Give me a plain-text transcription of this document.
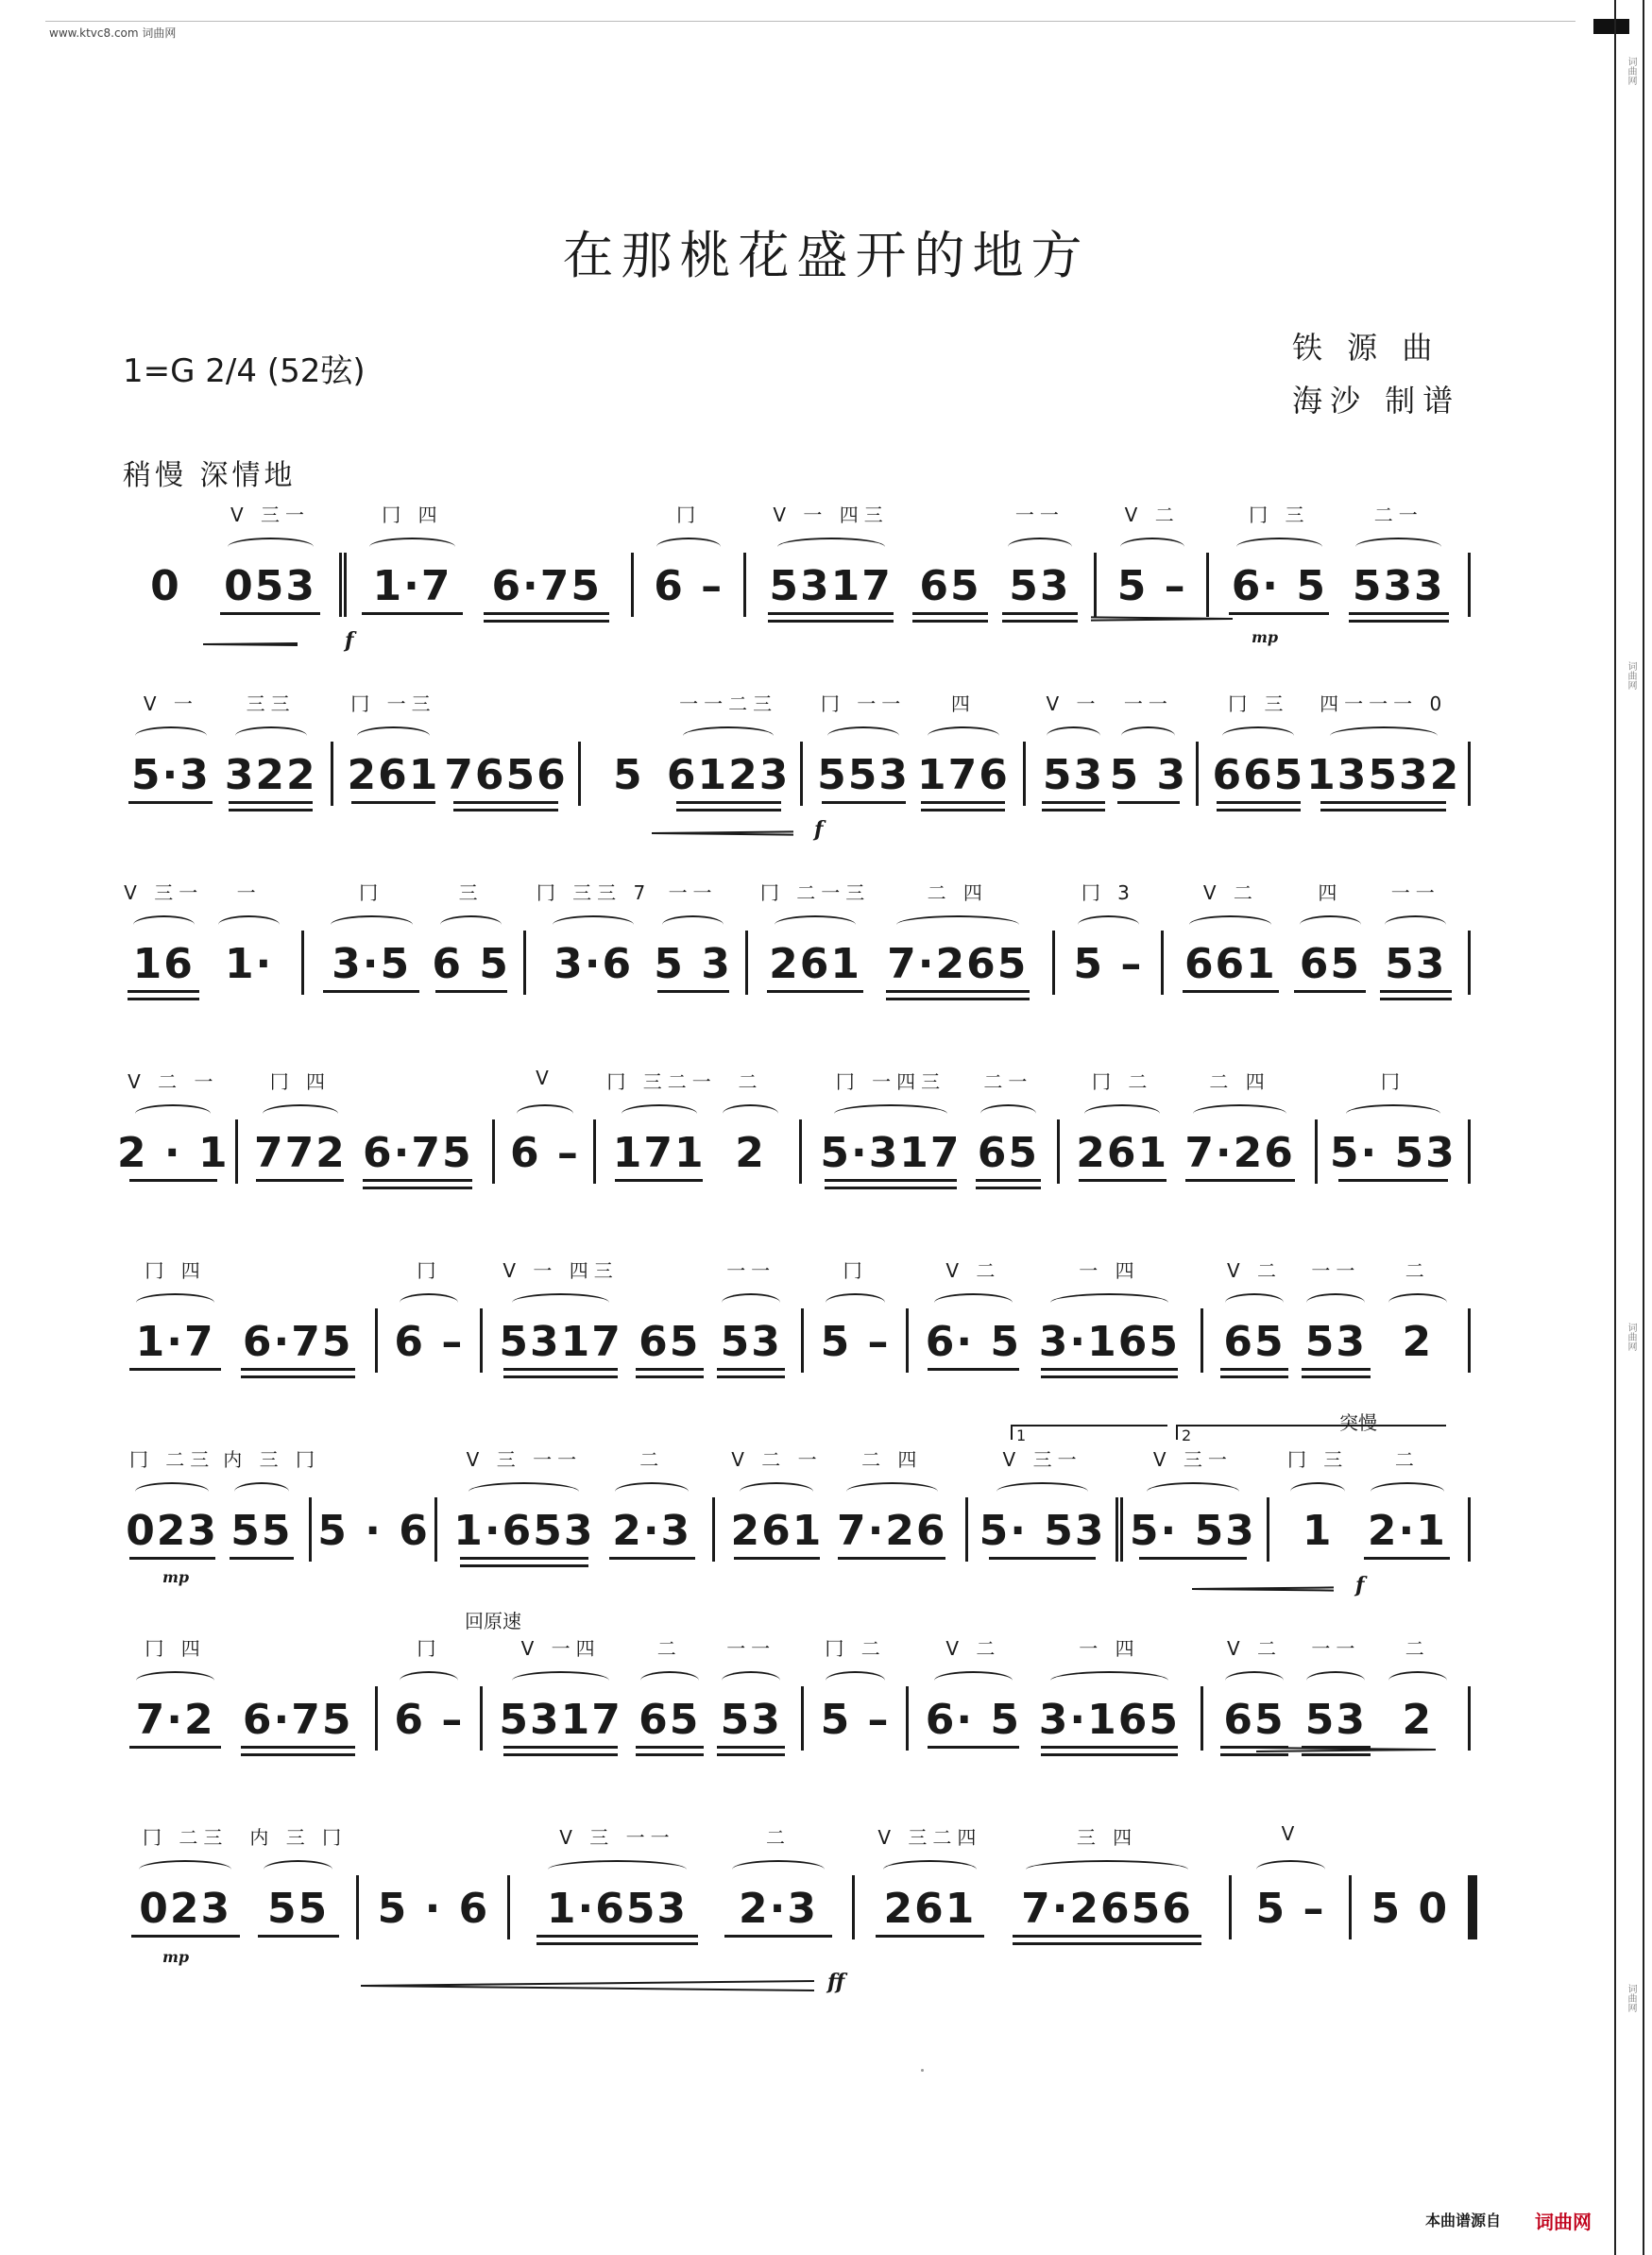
www.ktvc8.com 词曲网
词曲网
词曲网
词曲网
词曲网
在那桃花盛开的地方
1=G 2/4 (52弦)
铁 源 曲
海沙 制谱
稍慢 深情地
0 053
V 三一
1·7
冂 四
6·75 6 –
冂
5317
V 一 四三
65 53
一一
5 –
V 二
6· 5
冂 三
533
二一
5·3
V 一
322
三三
261
冂 一三
7656 5 6123
一一二三
553
冂 一一
176
四
53
V 一
5 3
一一
665
冂 三
13532
四一一一 0
16
V 三一
1·
一
3·5
冂
6 5
三
3·6
冂 三三 7
5 3
一一
261
冂 二一三
7·265
二 四
5 –
冂 3
661
V 二
65
四
53
一一
2 · 1
V 二 一
772
冂 四
6·75 6 –
V
171
冂 三二一
2
二
5·317
冂 一四三
65
二一
261
冂 二
7·26
二 四
5· 53
冂
1·7
冂 四
6·75 6 –
冂
5317
V 一 四三
65 53
一一
5 –
冂
6· 5
V 二
3·165
一 四
65
V 二
53
一一
2
二
023
冂 二三
55
内 三 冂
5 · 6 1·653
V 三 一一
2·3
二
261
V 二 一
7·26
二 四
5· 53
V 三一
5· 53
V 三一
1
冂 三
2·1
二
7·2
冂 四
6·75 6 –
冂
5317
V 一四
65
二
53
一一
5 –
冂 二
6· 5
V 二
3·165
一 四
65
V 二
53
一一
2
二
023
冂 二三
55
内 三 冂
5 · 6 1·653
V 三 一一
2·3
二
261
V 三二四
7·2656
三 四
5 –
V
5 0
f	mp
f
mp	f
mp
ff
突慢
回原速
1	2
本曲谱源自 词曲网
